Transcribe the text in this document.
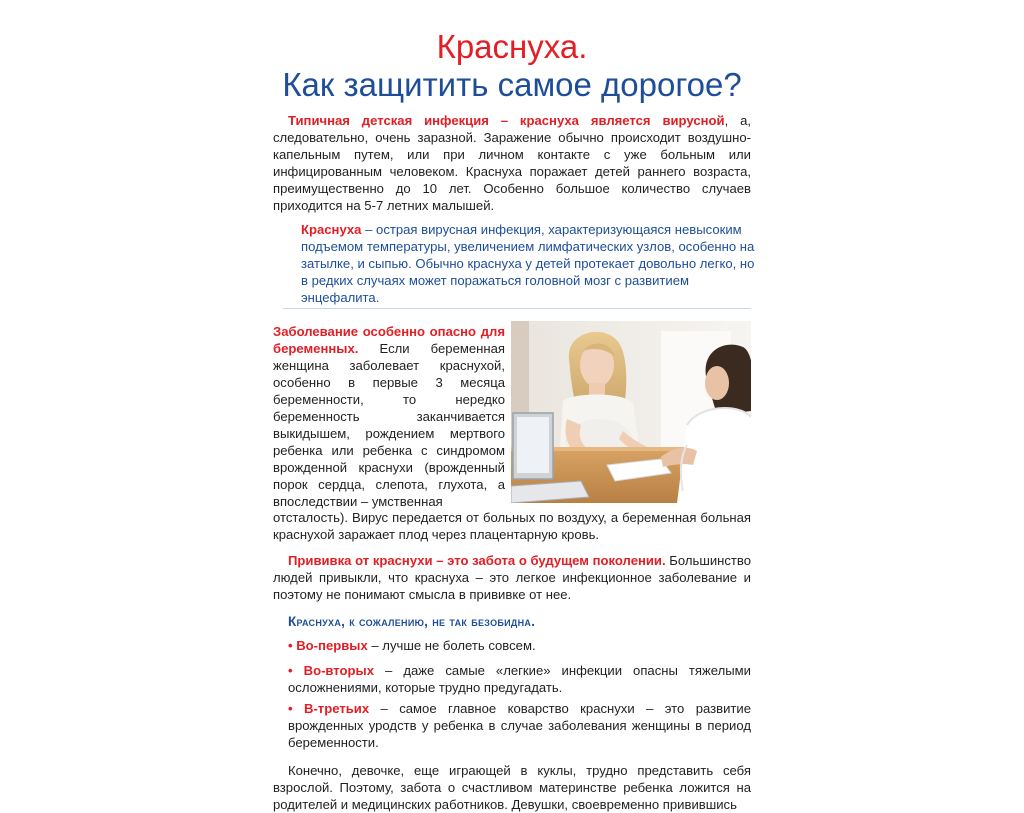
Краснуха.
Как защитить самое дорогое?

Типичная детская инфекция – краснуха является вирусной, а, следовательно, очень заразной. Заражение обычно происходит воздушно-капельным путем, или при личном контакте с уже больным или инфицированным человеком. Краснуха поражает детей раннего возраста, преимущественно до 10 лет. Особенно большое количество случаев приходится на 5-7 летних малышей.

Краснуха – острая вирусная инфекция, характеризующаяся невысоким подъемом температуры, увеличением лимфатических узлов, особенно на затылке, и сыпью. Обычно краснуха у детей протекает довольно легко, но в редких случаях может поражаться головной мозг с развитием энцефалита.

Заболевание особенно опасно для беременных. Если беременная женщина заболевает краснухой, особенно в первые 3 месяца беременности, то нередко беременность заканчивается выкидышем, рождением мертвого ребенка или ребенка с синдромом врожденной краснухи (врожденный порок сердца, слепота, глухота, а впоследствии – умственная

отсталость). Вирус передается от больных по воздуху, а беременная больная краснухой заражает плод через плацентарную кровь.

Прививка от краснухи – это забота о будущем поколении. Большинство людей привыкли, что краснуха – это легкое инфекционное заболевание и поэтому не понимают смысла в прививке от нее.

Краснуха, к сожалению, не так безобидна.

• Во-первых – лучше не болеть совсем.

• Во-вторых – даже самые «легкие» инфекции опасны тяжелыми осложнениями, которые трудно предугадать.

• В-третьих – самое главное коварство краснухи – это развитие врожденных уродств у ребенка в случае заболевания женщины в период беременности.

Конечно, девочке, еще играющей в куклы, трудно представить себя взрослой. Поэтому, забота о счастливом материнстве ребенка ложится на родителей и медицинских работников. Девушки, своевременно привившись
